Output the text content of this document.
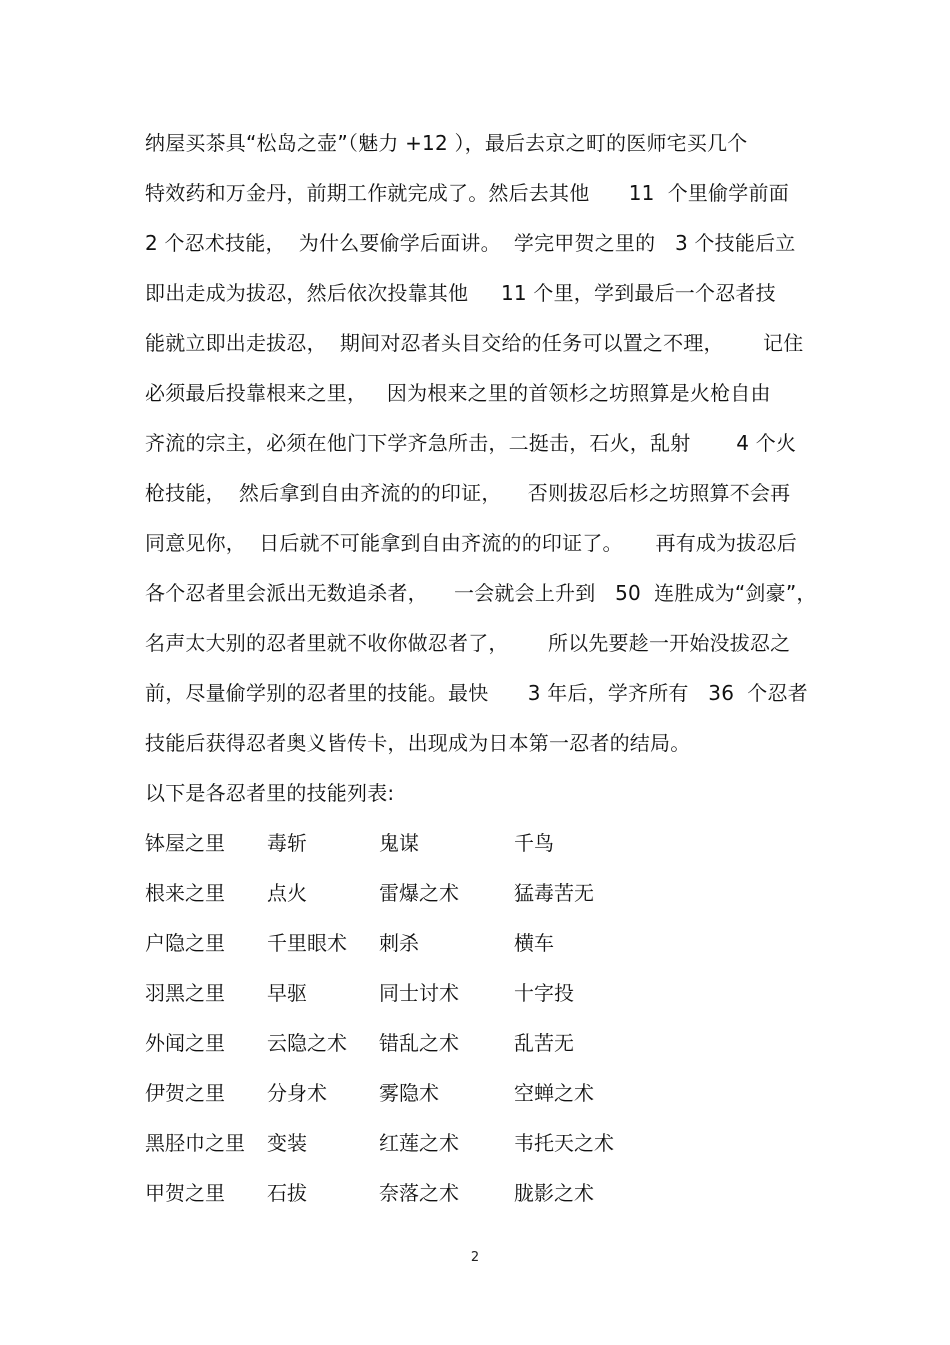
纳屋买茶具“松岛之壶”（魅力 +12 ），最后去京之町的医师宅买几个
特效药和万金丹，前期工作就完成了。然后去其他      11  个里偷学前面
2 个忍术技能，  为什么要偷学后面讲。  学完甲贺之里的   3 个技能后立
即出走成为拔忍，然后依次投靠其他     11 个里，学到最后一个忍者技
能就立即出走拔忍，  期间对忍者头目交给的任务可以置之不理，      记住
必须最后投靠根来之里，   因为根来之里的首领杉之坊照算是火枪自由
齐流的宗主，必须在他门下学齐急所击，二挺击，石火，乱射       4 个火
枪技能，  然后拿到自由齐流的的印证，    否则拔忍后杉之坊照算不会再
同意见你，  日后就不可能拿到自由齐流的的印证了。     再有成为拔忍后
各个忍者里会派出无数追杀者，    一会就会上升到   50  连胜成为“剑豪”，
名声太大别的忍者里就不收你做忍者了，      所以先要趁一开始没拔忍之
前，尽量偷学别的忍者里的技能。最快      3 年后，学齐所有   36  个忍者
技能后获得忍者奥义皆传卡，出现成为日本第一忍者的结局。
以下是各忍者里的技能列表:
钵屋之里	毒斩	鬼谋	千鸟
根来之里	点火	雷爆之术	猛毒苦无
户隐之里	千里眼术	刺杀	横车
羽黑之里	早驱	同士讨术	十字投
外闻之里	云隐之术	错乱之术	乱苦无
伊贺之里	分身术	雾隐术	空蝉之术
黑胫巾之里	变装	红莲之术	韦托天之术
甲贺之里	石拔	奈落之术	胧影之术
2
